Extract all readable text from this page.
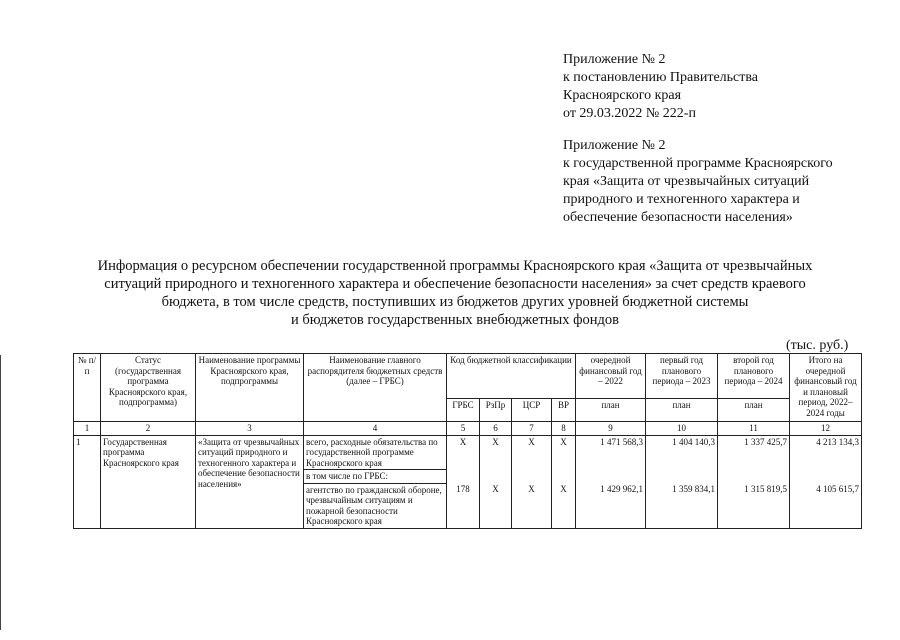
Приложение № 2
к постановлению Правительства
Красноярского края
от 29.03.2022 № 222-п
Приложение № 2
к государственной программе Красноярского
края «Защита от чрезвычайных ситуаций
природного и техногенного характера и
обеспечение безопасности населения»
Информация о ресурсном обеспечении государственной программы Красноярского края «Защита от чрезвычайных
ситуаций природного и техногенного характера и обеспечение безопасности населения» за счет средств краевого
бюджета, в том числе средств, поступивших из бюджетов других уровней бюджетной системы
и бюджетов государственных внебюджетных фондов
(тыс. руб.)
№ п/п	Статус (государственная программа Красноярского края, подпрограмма)	Наименование программы Красноярского края, подпрограммы	Наименование главного распорядителя бюджетных средств (далее – ГРБС)	Код бюджетной классификации				очередной финансовый год – 2022	первый год планового периода – 2023	второй год планового периода – 2024	Итого на очередной финансовый год и плановый период, 2022–2024 годы
				ГРБС	РзПр	ЦСР	ВР	план	план	план	
1	2	3	4	5	6	7	8	9	10	11	12
1	Государственная программа Красноярского края	«Защита от чрезвычайных ситуаций природного и техногенного характера и обеспечение безопасности населения»	всего, расходные обязательства по государственной программе Красноярского края	Х	Х	Х	Х	1 471 568,3	1 404 140,3	1 337 425,7	4 213 134,3
			в том числе по ГРБС:								
			агентство по гражданской обороне, чрезвычайным ситуациям и пожарной безопасности Красноярского края	178	Х	Х	Х	1 429 962,1	1 359 834,1	1 315 819,5	4 105 615,7
